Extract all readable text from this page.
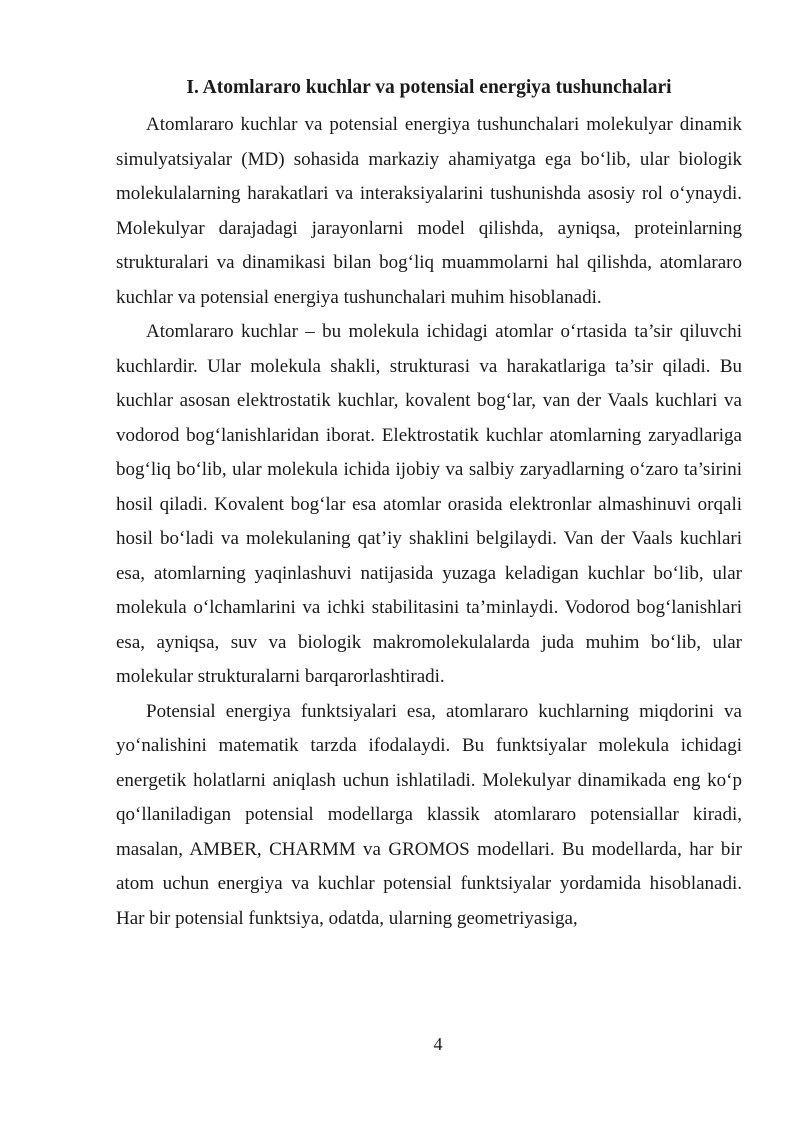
I. Atomlararo kuchlar va potensial energiya tushunchalari

Atomlararo kuchlar va potensial energiya tushunchalari molekulyar dinamik simulyatsiyalar (MD) sohasida markaziy ahamiyatga ega bo‘lib, ular biologik molekulalarning harakatlari va interaksiyalarini tushunishda asosiy rol o‘ynaydi. Molekulyar darajadagi jarayonlarni model qilishda, ayniqsa, proteinlarning strukturalari va dinamikasi bilan bog‘liq muammolarni hal qilishda, atomlararo kuchlar va potensial energiya tushunchalari muhim hisoblanadi.

Atomlararo kuchlar – bu molekula ichidagi atomlar o‘rtasida ta’sir qiluvchi kuchlardir. Ular molekula shakli, strukturasi va harakatlariga ta’sir qiladi. Bu kuchlar asosan elektrostatik kuchlar, kovalent bog‘lar, van der Vaals kuchlari va vodorod bog‘lanishlaridan iborat. Elektrostatik kuchlar atomlarning zaryadlariga bog‘liq bo‘lib, ular molekula ichida ijobiy va salbiy zaryadlarning o‘zaro ta’sirini hosil qiladi. Kovalent bog‘lar esa atomlar orasida elektronlar almashinuvi orqali hosil bo‘ladi va molekulaning qat’iy shaklini belgilaydi. Van der Vaals kuchlari esa, atomlarning yaqinlashuvi natijasida yuzaga keladigan kuchlar bo‘lib, ular molekula o‘lchamlarini va ichki stabilitasini ta’minlaydi. Vodorod bog‘lanishlari esa, ayniqsa, suv va biologik makromolekulalarda juda muhim bo‘lib, ular molekular strukturalarni barqarorlashtiradi.

Potensial energiya funktsiyalari esa, atomlararo kuchlarning miqdorini va yo‘nalishini matematik tarzda ifodalaydi. Bu funktsiyalar molekula ichidagi energetik holatlarni aniqlash uchun ishlatiladi. Molekulyar dinamikada eng ko‘p qo‘llaniladigan potensial modellarga klassik atomlararo potensiallar kiradi, masalan, AMBER, CHARMM va GROMOS modellari. Bu modellarda, har bir atom uchun energiya va kuchlar potensial funktsiyalar yordamida hisoblanadi. Har bir potensial funktsiya, odatda, ularning geometriyasiga,

4
